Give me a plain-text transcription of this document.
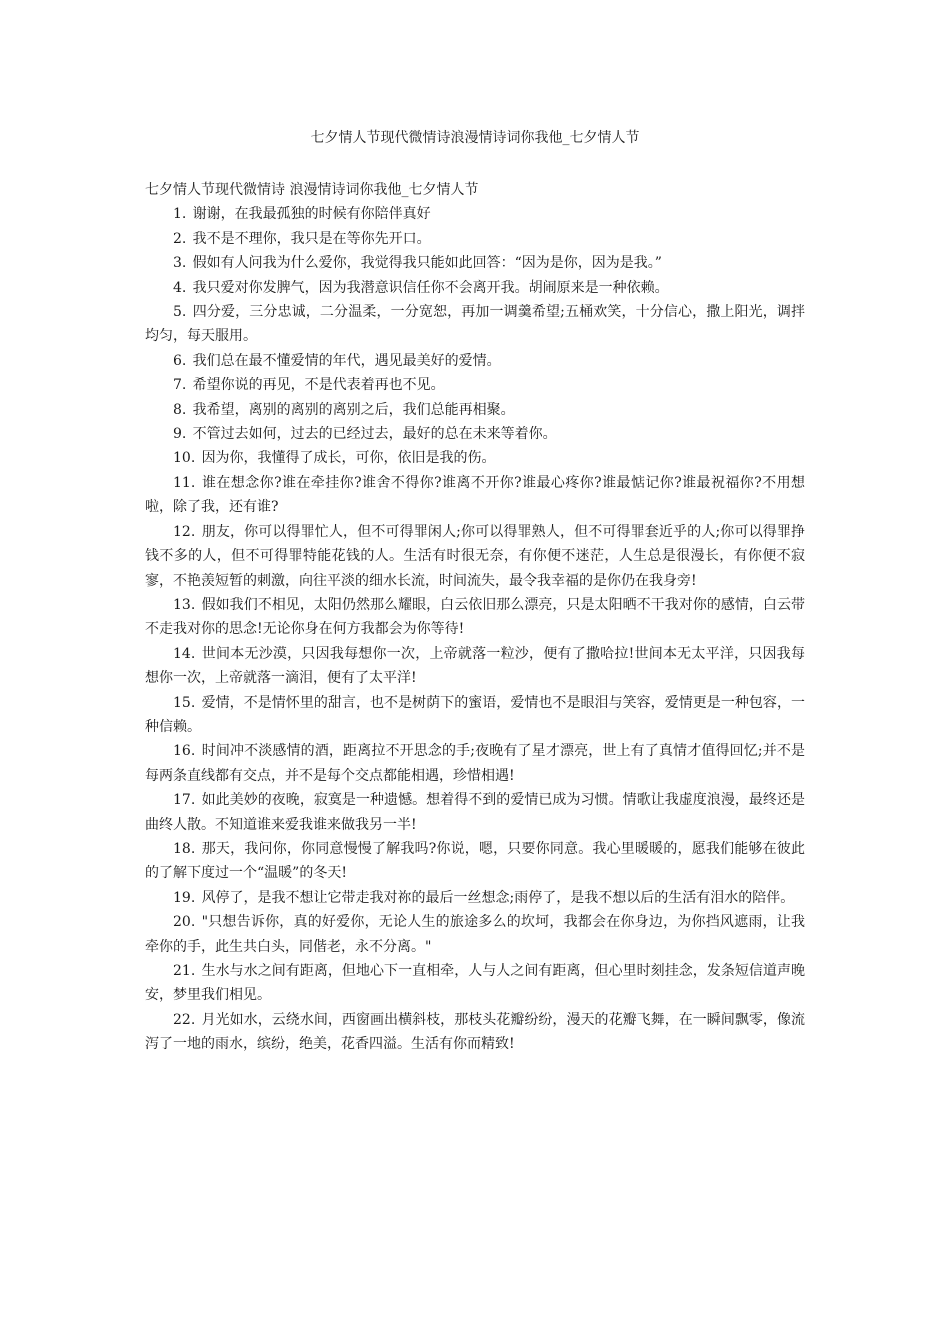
七夕情人节现代微情诗浪漫情诗词你我他_七夕情人节

七夕情人节现代微情诗 浪漫情诗词你我他_七夕情人节

1. 谢谢，在我最孤独的时候有你陪伴真好
2. 我不是不理你，我只是在等你先开口。
3. 假如有人问我为什么爱你，我觉得我只能如此回答：“因为是你，因为是我。”
4. 我只爱对你发脾气，因为我潜意识信任你不会离开我。胡闹原来是一种依赖。
5. 四分爱，三分忠诚，二分温柔，一分宽恕，再加一调羹希望;五桶欢笑，十分信心，撒上阳光，调拌均匀，每天服用。
6. 我们总在最不懂爱情的年代，遇见最美好的爱情。
7. 希望你说的再见，不是代表着再也不见。
8. 我希望，离别的离别的离别之后，我们总能再相聚。
9. 不管过去如何，过去的已经过去，最好的总在未来等着你。
10. 因为你，我懂得了成长，可你，依旧是我的伤。
11. 谁在想念你?谁在牵挂你?谁舍不得你?谁离不开你?谁最心疼你?谁最惦记你?谁最祝福你?不用想啦，除了我，还有谁?
12. 朋友，你可以得罪忙人，但不可得罪闲人;你可以得罪熟人，但不可得罪套近乎的人;你可以得罪挣钱不多的人，但不可得罪特能花钱的人。生活有时很无奈，有你便不迷茫，人生总是很漫长，有你便不寂寥，不艳羡短暂的刺激，向往平淡的细水长流，时间流失，最令我幸福的是你仍在我身旁!
13. 假如我们不相见，太阳仍然那么耀眼，白云依旧那么漂亮，只是太阳晒不干我对你的感情，白云带不走我对你的思念!无论你身在何方我都会为你等待!
14. 世间本无沙漠，只因我每想你一次，上帝就落一粒沙，便有了撒哈拉!世间本无太平洋，只因我每想你一次，上帝就落一滴泪，便有了太平洋!
15. 爱情，不是情怀里的甜言，也不是树荫下的蜜语，爱情也不是眼泪与笑容，爱情更是一种包容，一种信赖。
16. 时间冲不淡感情的酒，距离拉不开思念的手;夜晚有了星才漂亮，世上有了真情才值得回忆;并不是每两条直线都有交点，并不是每个交点都能相遇，珍惜相遇!
17. 如此美妙的夜晚，寂寞是一种遗憾。想着得不到的爱情已成为习惯。情歌让我虚度浪漫，最终还是曲终人散。不知道谁来爱我谁来做我另一半!
18. 那天，我问你，你同意慢慢了解我吗?你说，嗯，只要你同意。我心里暖暖的，愿我们能够在彼此的了解下度过一个“温暖”的冬天!
19. 风停了，是我不想让它带走我对祢的最后一丝想念;雨停了，是我不想以后的生活有泪水的陪伴。
20. "只想告诉你，真的好爱你，无论人生的旅途多么的坎坷，我都会在你身边，为你挡风遮雨，让我牵你的手，此生共白头，同偕老，永不分离。"
21. 生水与水之间有距离，但地心下一直相牵，人与人之间有距离，但心里时刻挂念，发条短信道声晚安，梦里我们相见。
22. 月光如水，云绕水间，西窗画出横斜枝，那枝头花瓣纷纷，漫天的花瓣飞舞，在一瞬间飘零，像流泻了一地的雨水，缤纷，绝美，花香四溢。生活有你而精致!
